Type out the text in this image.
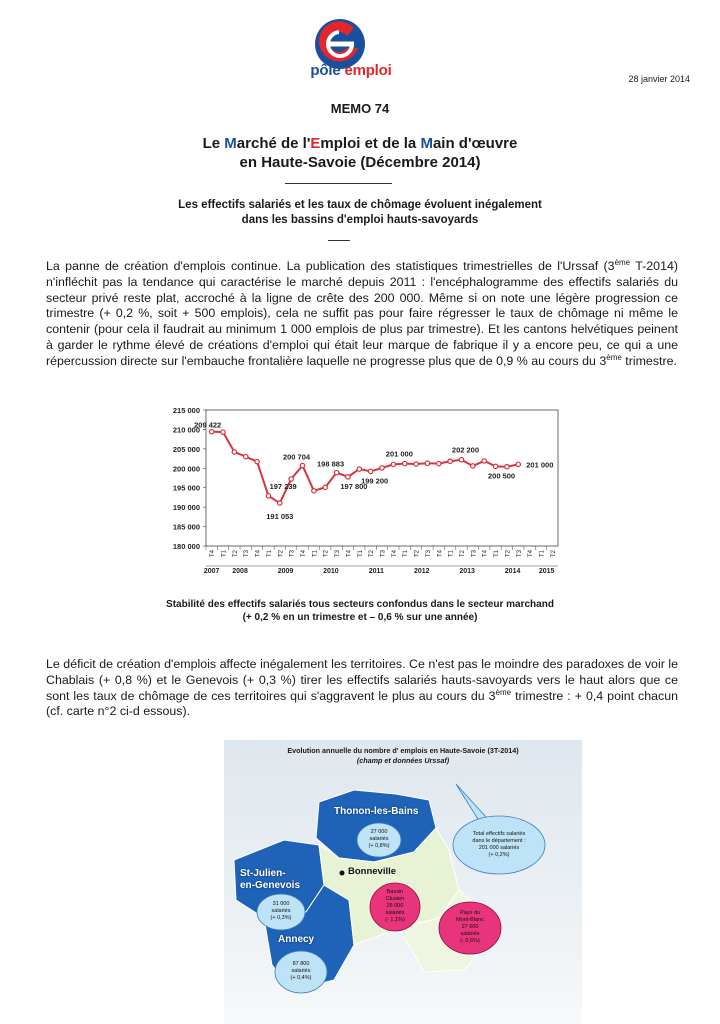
pôle emploi	28 janvier 2014
MEMO 74
Le Marché de l'Emploi et de la Main d'œuvre
en Haute-Savoie (Décembre 2014)
Les effectifs salariés et les taux de chômage évoluent inégalement
dans les bassins d'emploi hauts-savoyards
La panne de création d'emplois continue. La publication des statistiques trimestrielles de l'Urssaf (3ème T-2014) n'infléchit pas la tendance qui caractérise le marché depuis 2011 : l'encéphalogramme des effectifs salariés du secteur privé reste plat, accroché à la ligne de crête des 200 000. Même si on note une légère progression ce trimestre (+ 0,2 %, soit + 500 emplois), cela ne suffit pas pour faire régresser le taux de chômage ni même le contenir (pour cela il faudrait au minimum 1 000 emplois de plus par trimestre). Et les cantons helvétiques peinent à garder le rythme élevé de créations d'emploi qui était leur marque de fabrique il y a encore peu, ce qui a une répercussion directe sur l'embauche frontalière laquelle ne progresse plus que de 0,9 % au cours du 3ème trimestre.
180 000
185 000
190 000
195 000
200 000
205 000
210 000
215 000
T4 T1 T2 T3 T4 T1 T2 T3 T4 T1 T2 T3 T4 T1 T2 T3 T4 T1 T2 T3 T4 T1 T2 T3 T4 T1 T2 T3 T4 T1 T2
2007 2008	2009	2010	2011	2012	2013	2014	2015
209 422
191 053
197 239
200 704
198 883
197 800
199 200
201 000	202 200
200 500
201 000
Stabilité des effectifs salariés tous secteurs confondus dans le secteur marchand
(+ 0,2 % en un trimestre et – 0,6 % sur une année)
Le déficit de création d'emplois affecte inégalement les territoires. Ce n'est pas le moindre des paradoxes de voir le Chablais (+ 0,8 %) et le Genevois (+ 0,3 %) tirer les effectifs salariés hauts-savoyards vers le haut alors que ce sont les taux de chômage de ces territoires qui s'aggravent le plus au cours du 3ème trimestre : + 0,4 point chacun (cf. carte n°2 ci-d essous).
Evolution annuelle du nombre d' emplois en Haute-Savoie (3T-2014)
(champ et données Urssaf)
Thonon-les-Bains
St-Julien-
en-Genevois
Annecy
Bonneville
27 000
salariés
(+ 0,8%)
31 000
salariés
(+ 0,3%)
87 800
salariés
(+ 0,4%)
Bassin
Clusien
26 000
salariés
(- 1,1%)
Pays du
Mont-Blanc
27 600
salariés
(- 0,6%)
Total effectifs salariés
dans le département :
201 000 salariés
(+ 0,2%)
